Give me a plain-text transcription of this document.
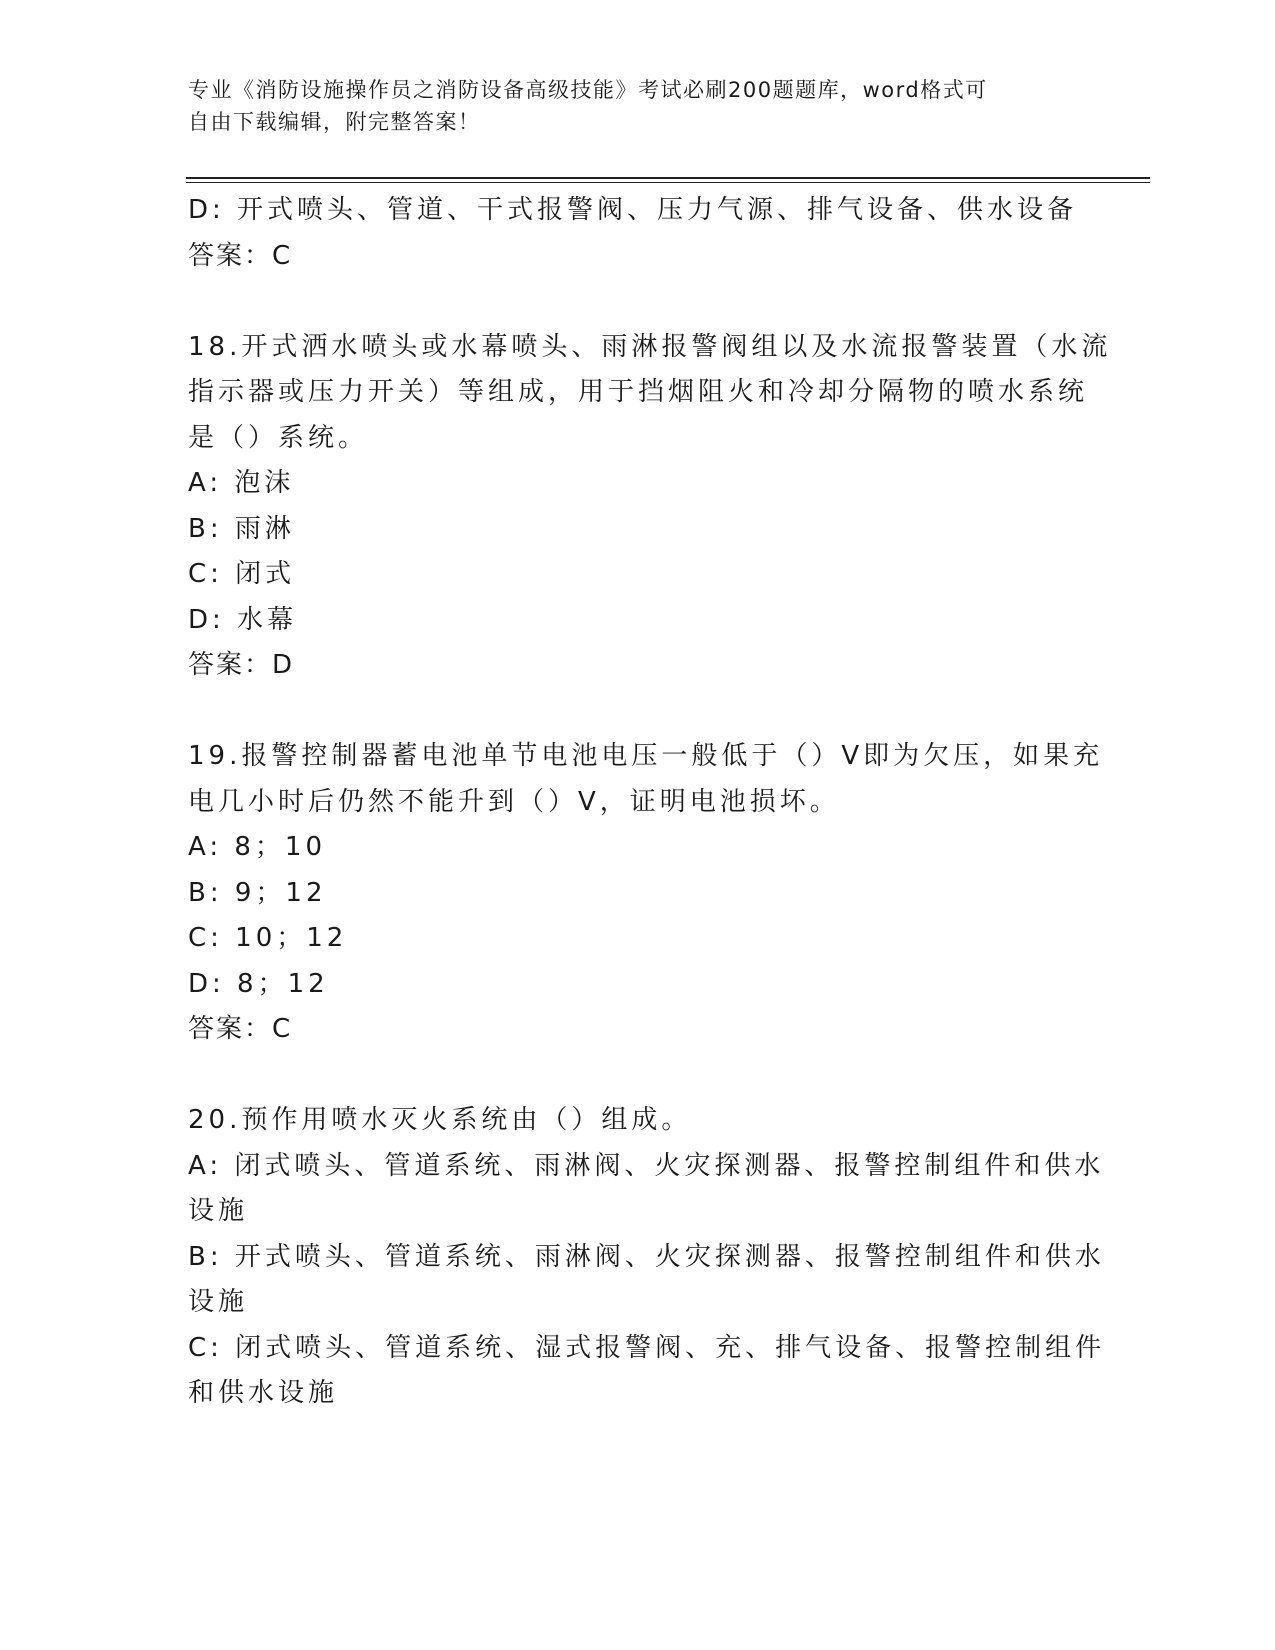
专业《消防设施操作员之消防设备高级技能》考试必刷200题题库，word格式可
自由下载编辑，附完整答案！
D: 开式喷头、管道、干式报警阀、压力气源、排气设备、供水设备
答案：C
18.开式洒水喷头或水幕喷头、雨淋报警阀组以及水流报警装置（水流
指示器或压力开关）等组成，用于挡烟阻火和冷却分隔物的喷水系统
是（）系统。
A: 泡沫
B: 雨淋
C: 闭式
D: 水幕
答案：D
19.报警控制器蓄电池单节电池电压一般低于（）V即为欠压，如果充
电几小时后仍然不能升到（）V，证明电池损坏。
A: 8；10
B: 9；12
C: 10；12
D: 8；12
答案：C
20.预作用喷水灭火系统由（）组成。
A: 闭式喷头、管道系统、雨淋阀、火灾探测器、报警控制组件和供水
设施
B: 开式喷头、管道系统、雨淋阀、火灾探测器、报警控制组件和供水
设施
C: 闭式喷头、管道系统、湿式报警阀、充、排气设备、报警控制组件
和供水设施
